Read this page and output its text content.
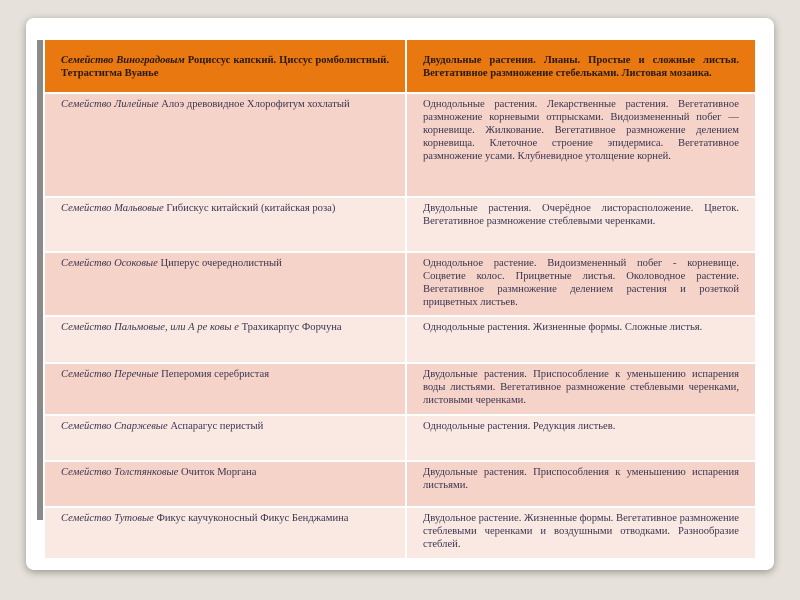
Семейство Виноградовым Роциссус капский. Циссус ромболистный. Тетрастигма Вуанье	Двудольные растения. Лианы. Простые и сложные листья. Вегетативное размножение стебельками. Листовая мозаика.
Семейство Лилейные Алоэ древовидное Хлорофитум хохлатый	Однодольные растения. Лекарственные растения. Вегетативное размножение корневыми отпрысками. Видоизмененный побег — корневище. Жилкование. Вегетативное размножение делением корневища. Клеточное строение эпидермиса. Вегетативное размножение усами. Клубневидное утолщение корней.
Семейство Мальвовые Гибискус китайский (китайская роза)	Двудольные растения. Очерёдное листорасположение. Цветок. Вегетативное размножение стеблевыми черенками.
Семейство Осоковые Циперус очереднолистный	Однодольное растение. Видоизмененный побег - корневище. Соцветие колос. Прицветные листья. Околоводное растение. Вегетативное размножение делением растения и розеткой прицветных листьев.
Семейство Пальмовые, или А ре ковы е Трахикарпус Форчуна	Однодольные растения. Жизненные формы. Сложные листья.
Семейство Перечные Пеперомия серебристая	Двудольные растения. Приспособление к уменьшению испарения воды листьями. Вегетативное размножение стеблевыми черенками, листовыми черенками.
Семейство Спаржевые Аспарагус перистый	Однодольные растения. Редукция листьев.
Семейство Толстянковые Очиток Моргана	Двудольные растения. Приспособления к уменьшению испарения листьями.
Семейство Тутовые Фикус каучуконосный Фикус Бенджамина	Двудольное растение. Жизненные формы. Вегетативное размножение стеблевыми черенками и воздушными отводками. Разнообразие стеблей.
